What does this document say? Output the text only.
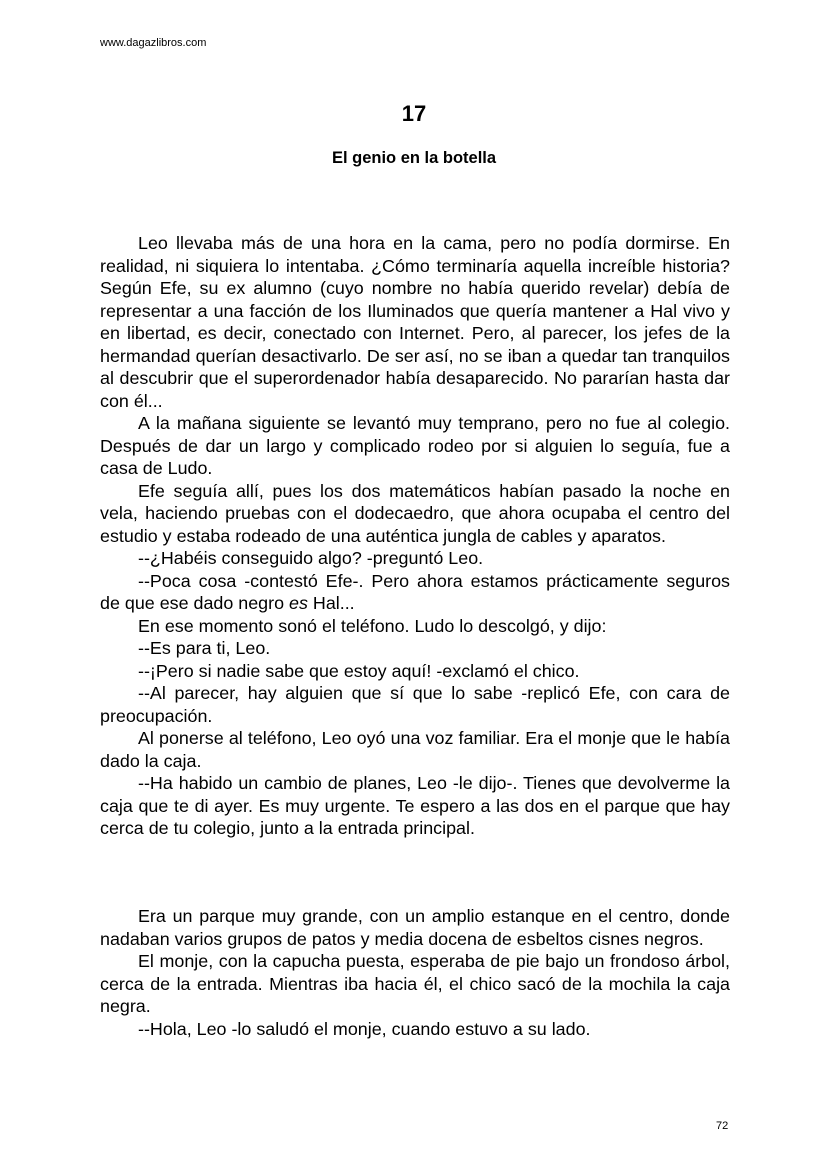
www.dagazlibros.com
17
El genio en la botella

Leo llevaba más de una hora en la cama, pero no podía dormirse. En realidad, ni siquiera lo intentaba. ¿Cómo terminaría aquella increíble historia? Según Efe, su ex alumno (cuyo nombre no había querido revelar) debía de representar a una facción de los Iluminados que quería mantener a Hal vivo y en libertad, es decir, conectado con Internet. Pero, al parecer, los jefes de la hermandad querían desactivarlo. De ser así, no se iban a quedar tan tranquilos al descubrir que el superordenador había desaparecido. No pararían hasta dar con él...

A la mañana siguiente se levantó muy temprano, pero no fue al colegio. Después de dar un largo y complicado rodeo por si alguien lo seguía, fue a casa de Ludo.

Efe seguía allí, pues los dos matemáticos habían pasado la noche en vela, haciendo pruebas con el dodecaedro, que ahora ocupaba el centro del estudio y estaba rodeado de una auténtica jungla de cables y aparatos.

--¿Habéis conseguido algo? -preguntó Leo.

--Poca cosa -contestó Efe-. Pero ahora estamos prácticamente seguros de que ese dado negro es Hal...

En ese momento sonó el teléfono. Ludo lo descolgó, y dijo:

--Es para ti, Leo.

--¡Pero si nadie sabe que estoy aquí! -exclamó el chico.

--Al parecer, hay alguien que sí que lo sabe -replicó Efe, con cara de preocupación.

Al ponerse al teléfono, Leo oyó una voz familiar. Era el monje que le había dado la caja.

--Ha habido un cambio de planes, Leo -le dijo-. Tienes que devolverme la caja que te di ayer. Es muy urgente. Te espero a las dos en el parque que hay cerca de tu colegio, junto a la entrada principal.

Era un parque muy grande, con un amplio estanque en el centro, donde nadaban varios grupos de patos y media docena de esbeltos cisnes negros.

El monje, con la capucha puesta, esperaba de pie bajo un frondoso árbol, cerca de la entrada. Mientras iba hacia él, el chico sacó de la mochila la caja negra.

--Hola, Leo -lo saludó el monje, cuando estuvo a su lado.

72
